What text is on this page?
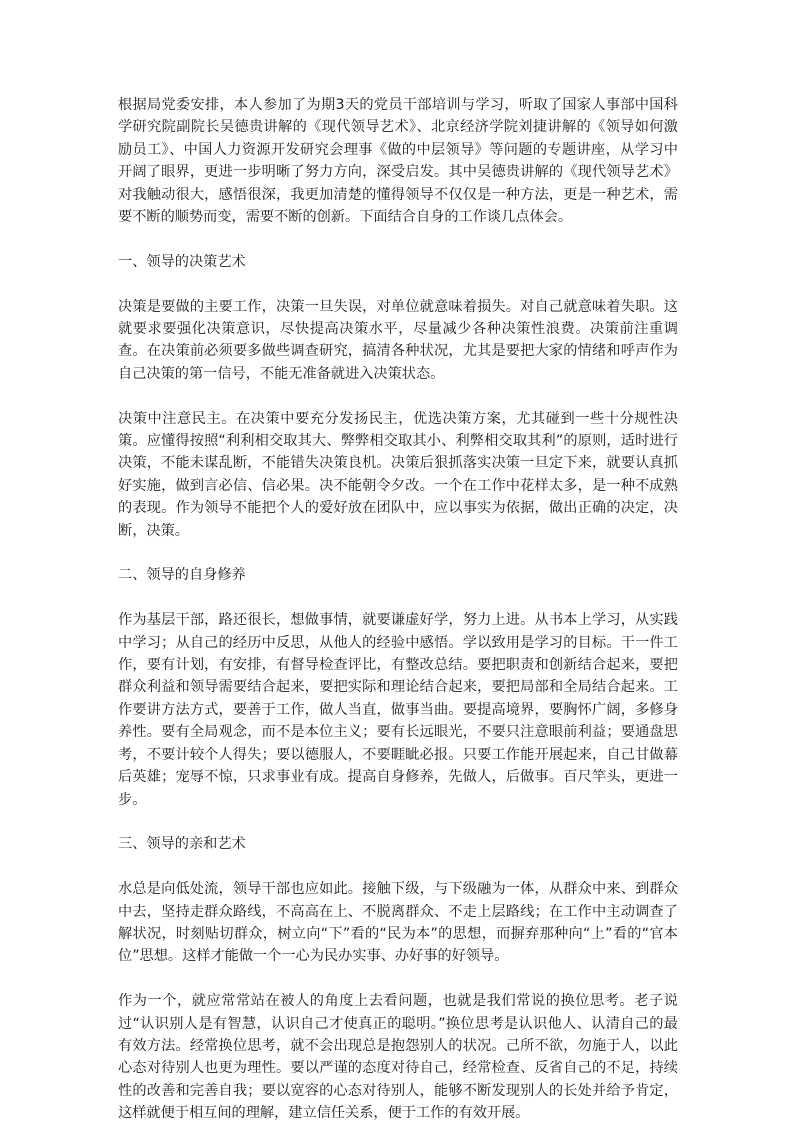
根据局党委安排，本人参加了为期3天的党员干部培训与学习，听取了国家人事部中国科学研究院副院长吴德贵讲解的《现代领导艺术》、北京经济学院刘捷讲解的《领导如何激励员工》、中国人力资源开发研究会理事《做的中层领导》等问题的专题讲座，从学习中开阔了眼界，更进一步明晰了努力方向，深受启发。其中吴德贵讲解的《现代领导艺术》对我触动很大，感悟很深，我更加清楚的懂得领导不仅仅是一种方法，更是一种艺术，需要不断的顺势而变，需要不断的创新。下面结合自身的工作谈几点体会。

一、领导的决策艺术

决策是要做的主要工作，决策一旦失误，对单位就意味着损失。对自己就意味着失职。这就要求要强化决策意识，尽快提高决策水平，尽量减少各种决策性浪费。决策前注重调查。在决策前必须要多做些调查研究，搞清各种状况，尤其是要把大家的情绪和呼声作为自己决策的第一信号，不能无准备就进入决策状态。

决策中注意民主。在决策中要充分发扬民主，优选决策方案，尤其碰到一些十分规性决策。应懂得按照“利利相交取其大、弊弊相交取其小、利弊相交取其利”的原则，适时进行决策，不能未谋乱断，不能错失决策良机。决策后狠抓落实决策一旦定下来，就要认真抓好实施，做到言必信、信必果。决不能朝令夕改。一个在工作中花样太多，是一种不成熟的表现。作为领导不能把个人的爱好放在团队中，应以事实为依据，做出正确的决定，决断，决策。

二、领导的自身修养

作为基层干部，路还很长，想做事情，就要谦虚好学，努力上进。从书本上学习，从实践中学习；从自己的经历中反思，从他人的经验中感悟。学以致用是学习的目标。干一件工作，要有计划，有安排，有督导检查评比，有整改总结。要把职责和创新结合起来，要把群众利益和领导需要结合起来，要把实际和理论结合起来，要把局部和全局结合起来。工作要讲方法方式，要善于工作，做人当直，做事当曲。要提高境界，要胸怀广阔，多修身养性。要有全局观念，而不是本位主义；要有长远眼光，不要只注意眼前利益；要通盘思考，不要计较个人得失；要以德服人，不要睚眦必报。只要工作能开展起来，自己甘做幕后英雄；宠辱不惊，只求事业有成。提高自身修养，先做人，后做事。百尺竿头，更进一步。

三、领导的亲和艺术

水总是向低处流，领导干部也应如此。接触下级，与下级融为一体，从群众中来、到群众中去，坚持走群众路线，不高高在上、不脱离群众、不走上层路线；在工作中主动调查了解状况，时刻贴切群众，树立向“下”看的“民为本”的思想，而摒弃那种向“上”看的“官本位”思想。这样才能做一个一心为民办实事、办好事的好领导。

作为一个，就应常常站在被人的角度上去看问题，也就是我们常说的换位思考。老子说过“认识别人是有智慧，认识自己才使真正的聪明。”换位思考是认识他人、认清自己的最有效方法。经常换位思考，就不会出现总是抱怨别人的状况。己所不欲，勿施于人，以此心态对待别人也更为理性。要以严谨的态度对待自己，经常检查、反省自己的不足，持续性的改善和完善自我；要以宽容的心态对待别人，能够不断发现别人的长处并给予肯定，这样就便于相互间的理解，建立信任关系，便于工作的有效开展。
